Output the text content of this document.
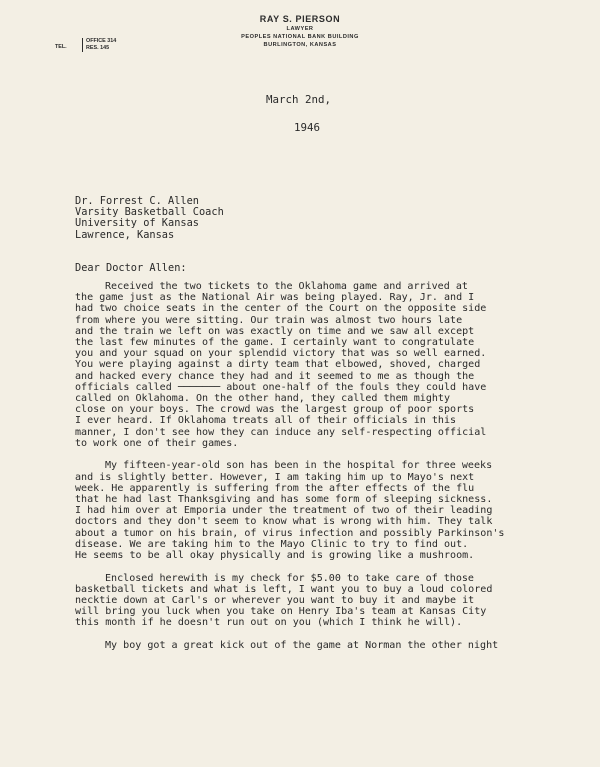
RAY S. PIERSON
LAWYER
PEOPLES NATIONAL BANK BUILDING
BURLINGTON, KANSAS
TEL.
OFFICE 314
RES. 145
March 2nd,
1946
Dr. Forrest C. Allen
Varsity Basketball Coach
University of Kansas
Lawrence, Kansas
Dear Doctor Allen:
Received the two tickets to the Oklahoma game and arrived at
the game just as the National Air was being played. Ray, Jr. and I
had two choice seats in the center of the Court on the opposite side
from where you were sitting. Our train was almost two hours late
and the train we left on was exactly on time and we saw all except
the last few minutes of the game. I certainly want to congratulate
you and your squad on your splendid victory that was so well earned.
You were playing against a dirty team that elbowed, shoved, charged
and hacked every chance they had and it seemed to me as though the
officials called ─────── about one-half of the fouls they could have
called on Oklahoma. On the other hand, they called them mighty
close on your boys. The crowd was the largest group of poor sports
I ever heard. If Oklahoma treats all of their officials in this
manner, I don't see how they can induce any self-respecting official
to work one of their games.
My fifteen-year-old son has been in the hospital for three weeks
and is slightly better. However, I am taking him up to Mayo's next
week. He apparently is suffering from the after effects of the flu
that he had last Thanksgiving and has some form of sleeping sickness.
I had him over at Emporia under the treatment of two of their leading
doctors and they don't seem to know what is wrong with him. They talk
about a tumor on his brain, of virus infection and possibly Parkinson's
disease. We are taking him to the Mayo Clinic to try to find out.
He seems to be all okay physically and is growing like a mushroom.
Enclosed herewith is my check for $5.00 to take care of those
basketball tickets and what is left, I want you to buy a loud colored
necktie down at Carl's or wherever you want to buy it and maybe it
will bring you luck when you take on Henry Iba's team at Kansas City
this month if he doesn't run out on you (which I think he will).
My boy got a great kick out of the game at Norman the other night
